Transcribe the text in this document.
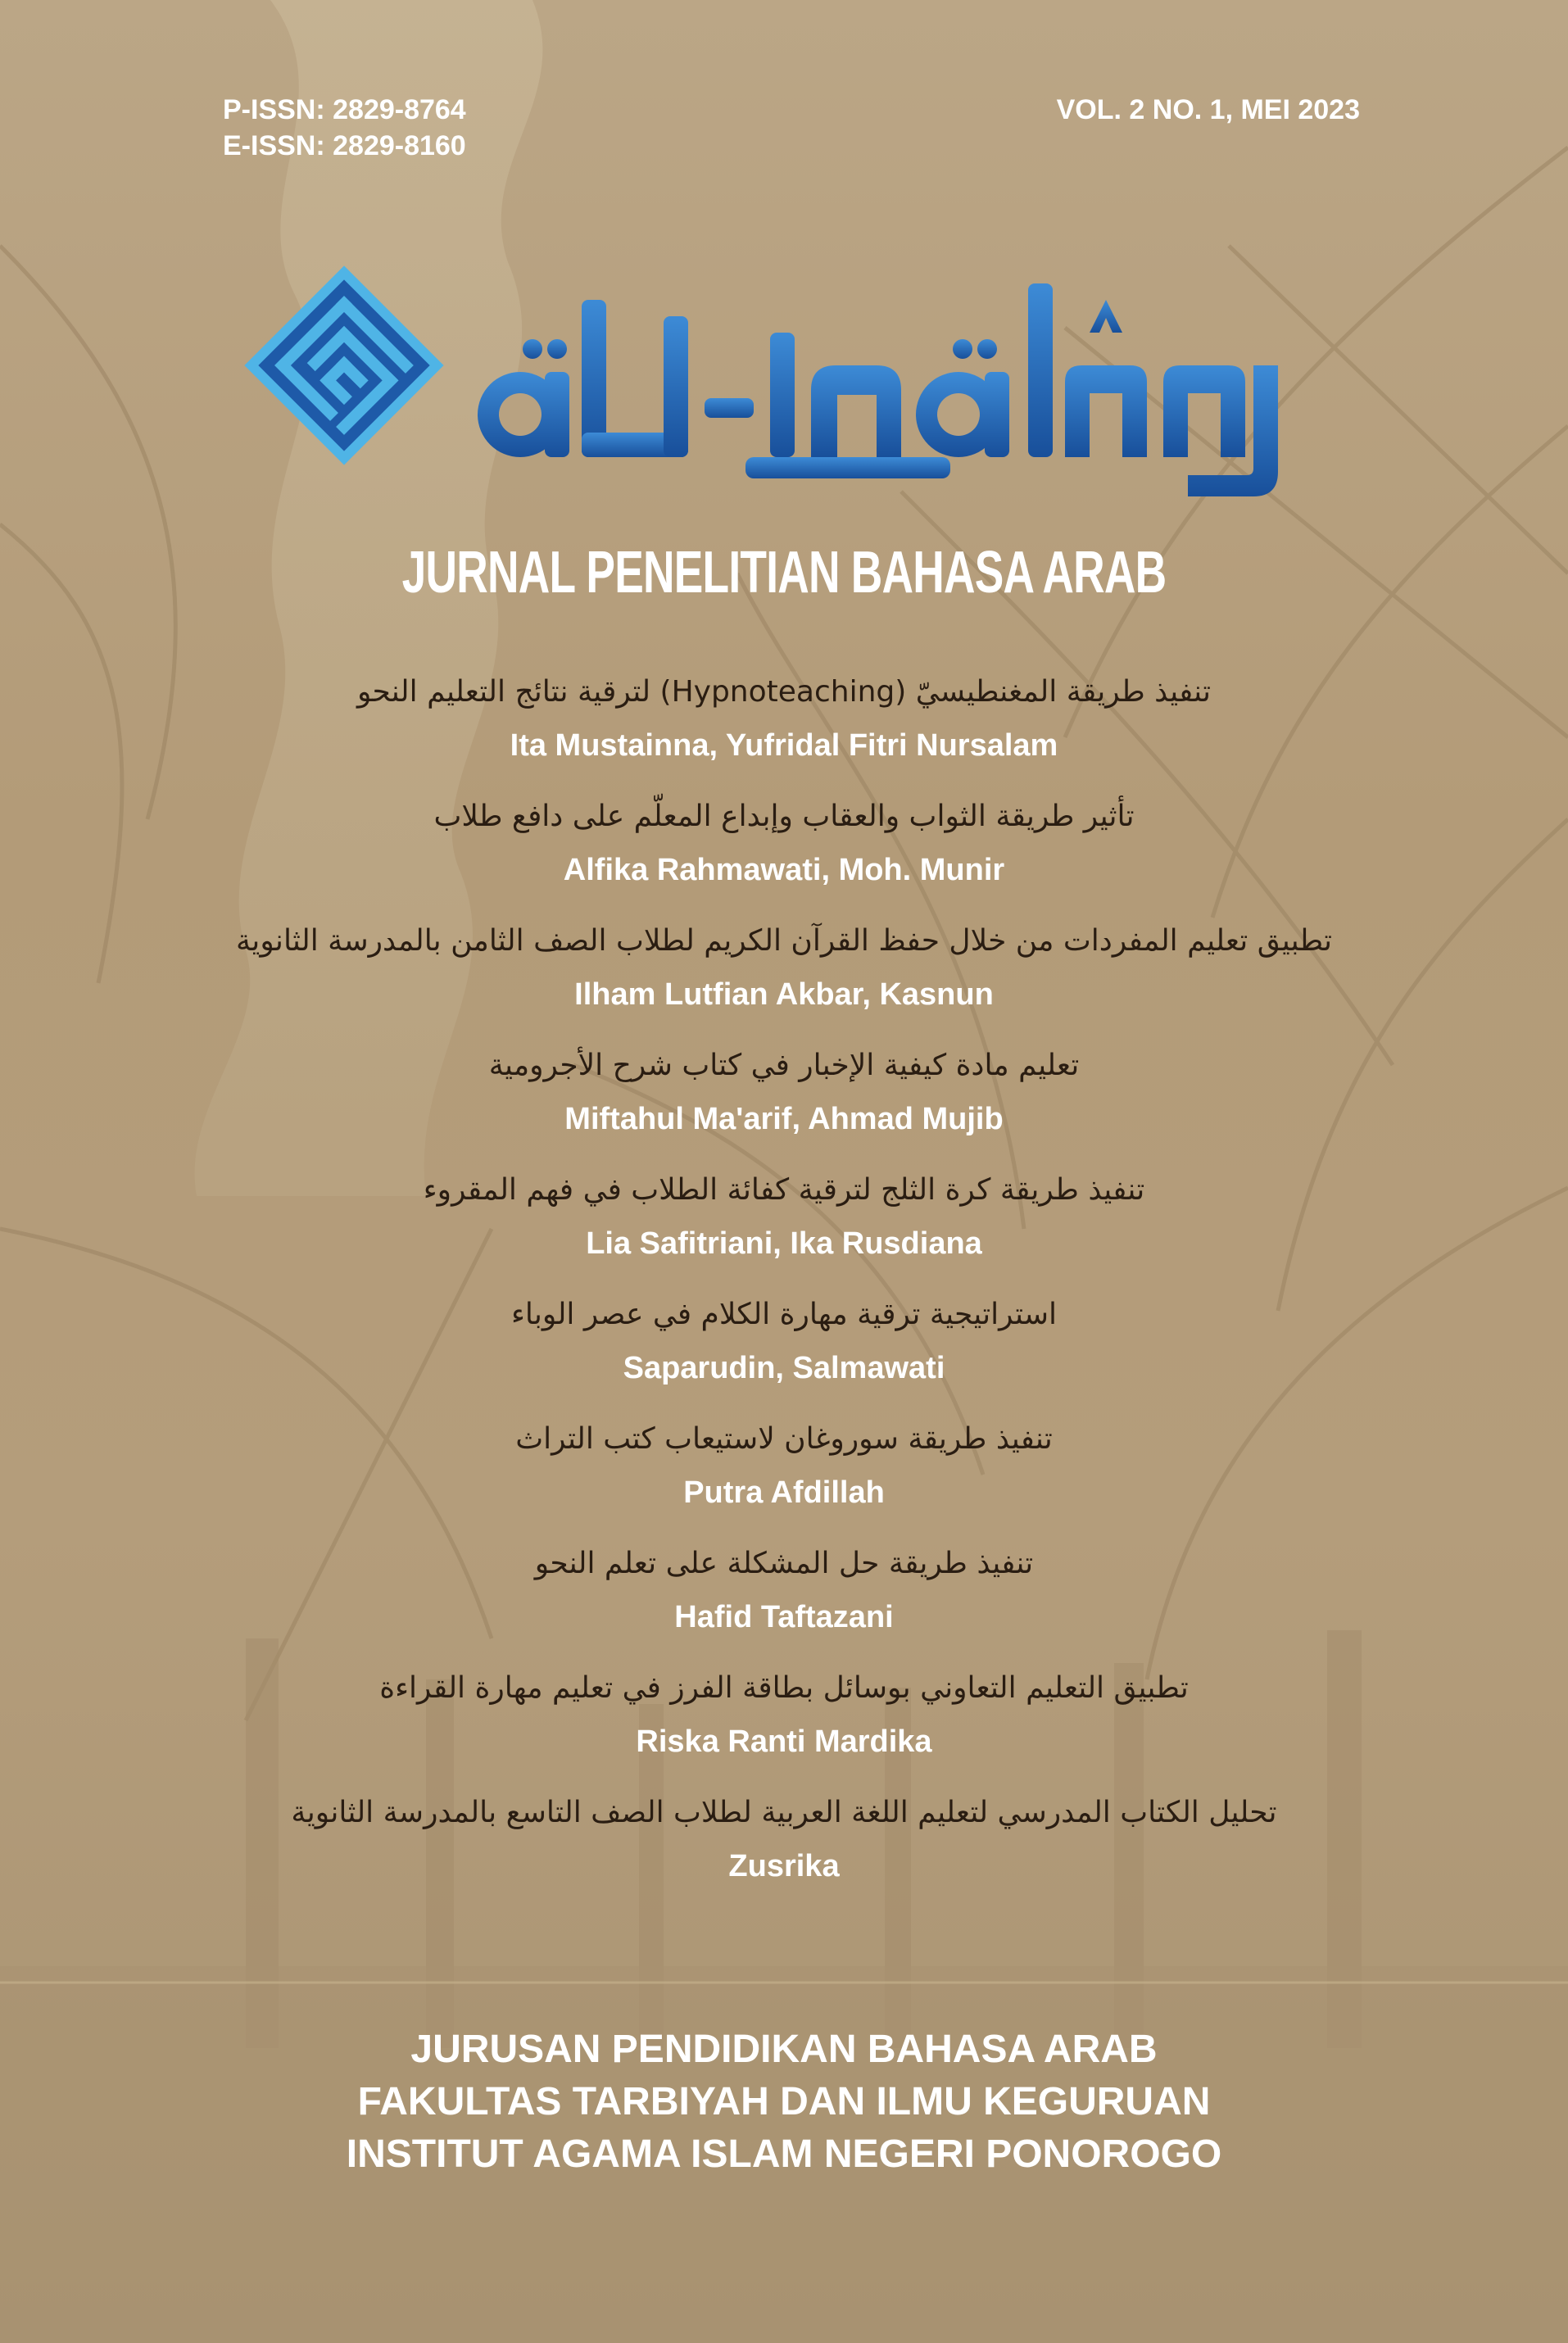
P-ISSN: 2829-8764
E-ISSN: 2829-8160
VOL. 2 NO. 1, MEI 2023
JURNAL PENELITIAN BAHASA ARAB
تنفيذ طريقة المغنطيسيّ (Hypnoteaching) لترقية نتائج التعليم النحو
Ita Mustainna, Yufridal Fitri Nursalam
تأثير طريقة الثواب والعقاب وإبداع المعلّم على دافع طلاب
Alfika Rahmawati, Moh. Munir
تطبيق تعليم المفردات من خلال حفظ القرآن الكريم لطلاب الصف الثامن بالمدرسة الثانوية
Ilham Lutfian Akbar, Kasnun
تعليم مادة كيفية الإخبار في كتاب شرح الأجرومية
Miftahul Ma'arif, Ahmad Mujib
تنفيذ طريقة كرة الثلج لترقية كفائة الطلاب في فهم المقروء
Lia Safitriani, Ika Rusdiana
استراتيجية ترقية مهارة الكلام في عصر الوباء
Saparudin, Salmawati
تنفيذ طريقة سوروغان لاستيعاب كتب التراث
Putra Afdillah
تنفيذ طريقة حل المشكلة على تعلم النحو
Hafid Taftazani
تطبيق التعليم التعاوني بوسائل بطاقة الفرز في تعليم مهارة القراءة
Riska Ranti Mardika
تحليل الكتاب المدرسي لتعليم اللغة العربية لطلاب الصف التاسع بالمدرسة الثانوية
Zusrika
JURUSAN PENDIDIKAN BAHASA ARAB
FAKULTAS TARBIYAH DAN ILMU KEGURUAN
INSTITUT AGAMA ISLAM NEGERI PONOROGO
